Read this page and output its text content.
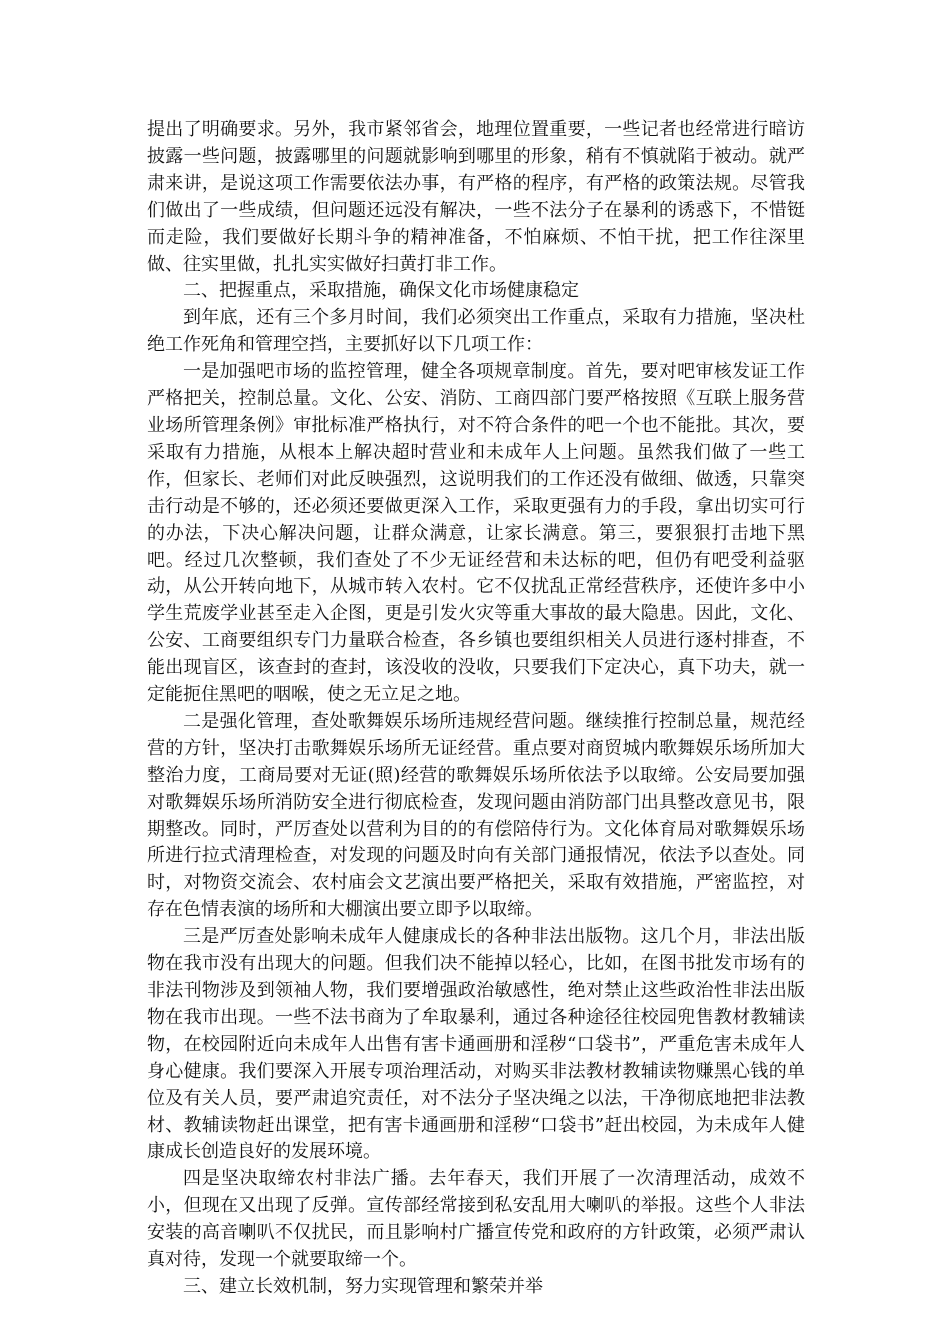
提出了明确要求。另外，我市紧邻省会，地理位置重要，一些记者也经常进行暗访披露一些问题，披露哪里的问题就影响到哪里的形象，稍有不慎就陷于被动。就严肃来讲，是说这项工作需要依法办事，有严格的程序，有严格的政策法规。尽管我们做出了一些成绩，但问题还远没有解决，一些不法分子在暴利的诱惑下，不惜铤而走险，我们要做好长期斗争的精神准备，不怕麻烦、不怕干扰，把工作往深里做、往实里做，扎扎实实做好扫黄打非工作。

二、把握重点，采取措施，确保文化市场健康稳定

到年底，还有三个多月时间，我们必须突出工作重点，采取有力措施，坚决杜绝工作死角和管理空挡，主要抓好以下几项工作：

一是加强吧市场的监控管理，健全各项规章制度。首先，要对吧审核发证工作严格把关，控制总量。文化、公安、消防、工商四部门要严格按照《互联上服务营业场所管理条例》审批标准严格执行，对不符合条件的吧一个也不能批。其次，要采取有力措施，从根本上解决超时营业和未成年人上问题。虽然我们做了一些工作，但家长、老师们对此反映强烈，这说明我们的工作还没有做细、做透，只靠突击行动是不够的，还必须还要做更深入工作，采取更强有力的手段，拿出切实可行的办法，下决心解决问题，让群众满意，让家长满意。第三，要狠狠打击地下黑吧。经过几次整顿，我们查处了不少无证经营和未达标的吧，但仍有吧受利益驱动，从公开转向地下，从城市转入农村。它不仅扰乱正常经营秩序，还使许多中小学生荒废学业甚至走入企图，更是引发火灾等重大事故的最大隐患。因此，文化、公安、工商要组织专门力量联合检查，各乡镇也要组织相关人员进行逐村排查，不能出现盲区，该查封的查封，该没收的没收，只要我们下定决心，真下功夫，就一定能扼住黑吧的咽喉，使之无立足之地。

二是强化管理，查处歌舞娱乐场所违规经营问题。继续推行控制总量，规范经营的方针，坚决打击歌舞娱乐场所无证经营。重点要对商贸城内歌舞娱乐场所加大整治力度，工商局要对无证(照)经营的歌舞娱乐场所依法予以取缔。公安局要加强对歌舞娱乐场所消防安全进行彻底检查，发现问题由消防部门出具整改意见书，限期整改。同时，严厉查处以营利为目的的有偿陪侍行为。文化体育局对歌舞娱乐场所进行拉式清理检查，对发现的问题及时向有关部门通报情况，依法予以查处。同时，对物资交流会、农村庙会文艺演出要严格把关，采取有效措施，严密监控，对存在色情表演的场所和大棚演出要立即予以取缔。

三是严厉查处影响未成年人健康成长的各种非法出版物。这几个月，非法出版物在我市没有出现大的问题。但我们决不能掉以轻心，比如，在图书批发市场有的非法刊物涉及到领袖人物，我们要增强政治敏感性，绝对禁止这些政治性非法出版物在我市出现。一些不法书商为了牟取暴利，通过各种途径往校园兜售教材教辅读物，在校园附近向未成年人出售有害卡通画册和淫秽“口袋书”，严重危害未成年人身心健康。我们要深入开展专项治理活动，对购买非法教材教辅读物赚黑心钱的单位及有关人员，要严肃追究责任，对不法分子坚决绳之以法，干净彻底地把非法教材、教辅读物赶出课堂，把有害卡通画册和淫秽“口袋书”赶出校园，为未成年人健康成长创造良好的发展环境。

四是坚决取缔农村非法广播。去年春天，我们开展了一次清理活动，成效不小，但现在又出现了反弹。宣传部经常接到私安乱用大喇叭的举报。这些个人非法安装的高音喇叭不仅扰民，而且影响村广播宣传党和政府的方针政策，必须严肃认真对待，发现一个就要取缔一个。

三、建立长效机制，努力实现管理和繁荣并举
